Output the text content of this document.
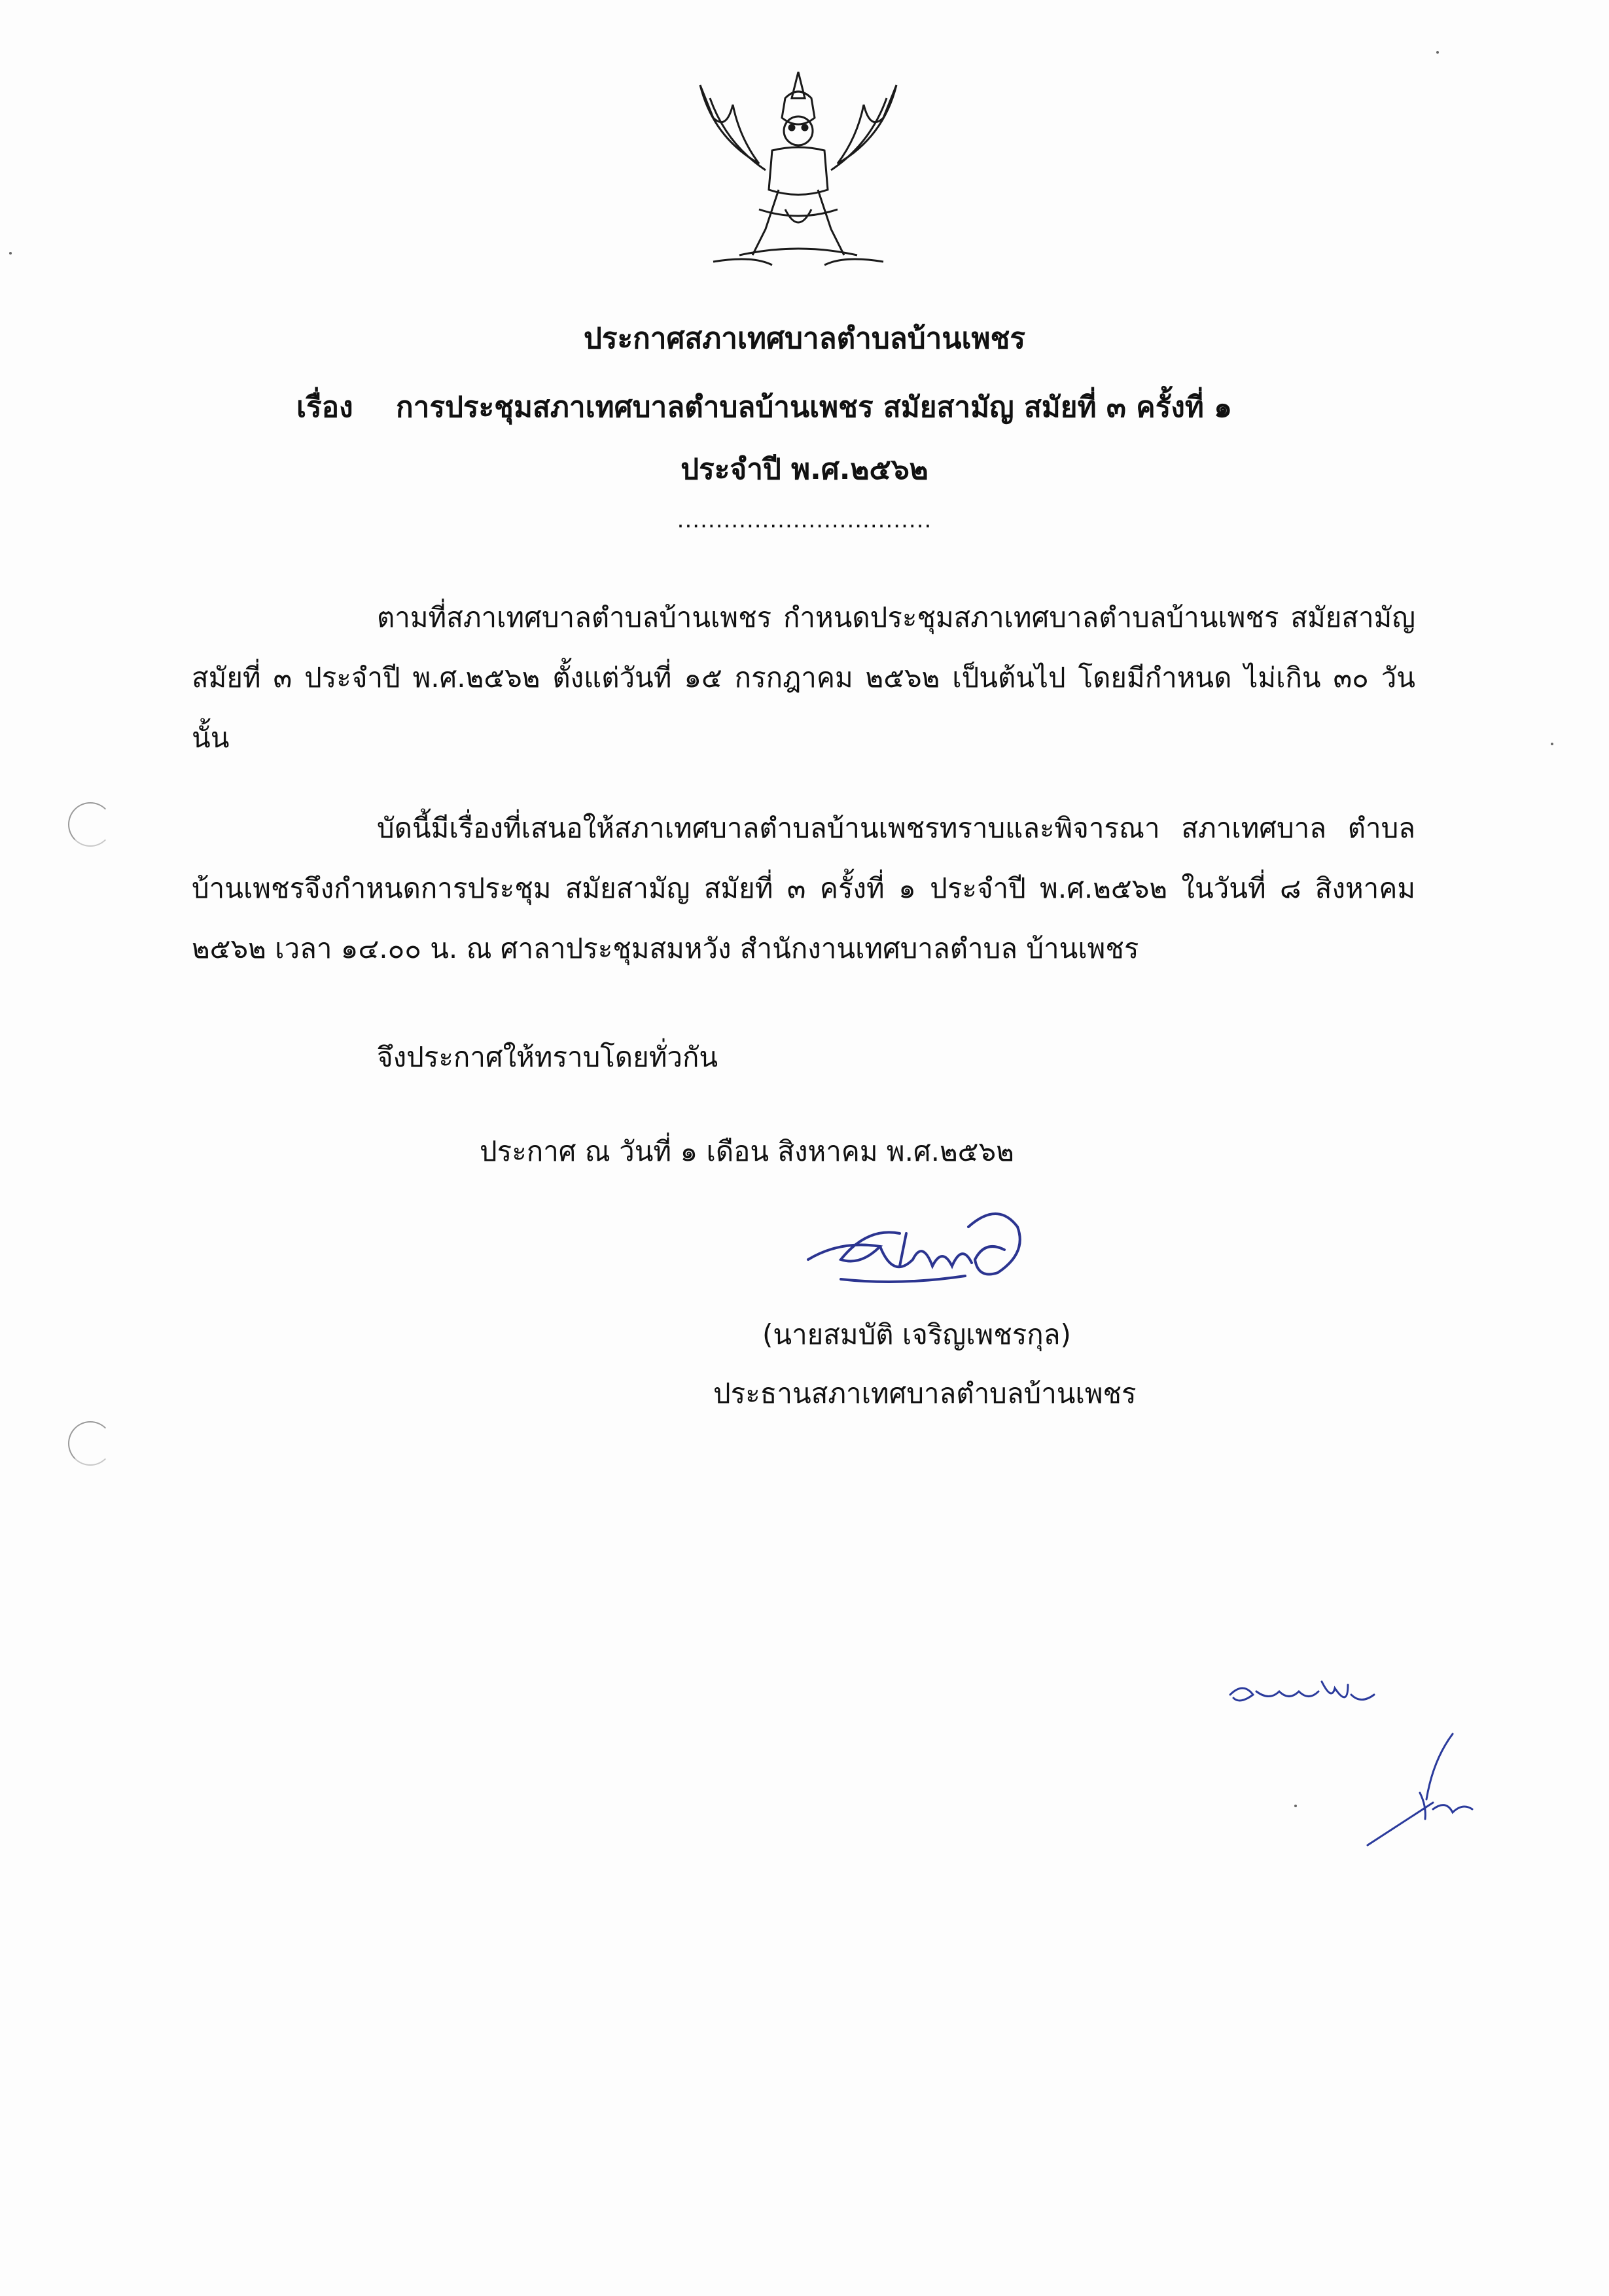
ประกาศสภาเทศบาลตำบลบ้านเพชร
เรื่อง การประชุมสภาเทศบาลตำบลบ้านเพชร สมัยสามัญ สมัยที่ ๓ ครั้งที่ ๑
ประจำปี พ.ศ.๒๕๖๒
.................................
ตามที่สภาเทศบาลตำบลบ้านเพชร กำหนดประชุมสภาเทศบาลตำบลบ้านเพชร สมัยสามัญ สมัยที่ ๓ ประจำปี พ.ศ.๒๕๖๒ ตั้งแต่วันที่ ๑๕ กรกฎาคม ๒๕๖๒ เป็นต้นไป โดยมีกำหนด ไม่เกิน ๓๐ วัน นั้น
บัดนี้มีเรื่องที่เสนอให้สภาเทศบาลตำบลบ้านเพชรทราบและพิจารณา สภาเทศบาล ตำบลบ้านเพชรจึงกำหนดการประชุม สมัยสามัญ สมัยที่ ๓ ครั้งที่ ๑ ประจำปี พ.ศ.๒๕๖๒ ในวันที่ ๘ สิงหาคม ๒๕๖๒ เวลา ๑๔.๐๐ น. ณ ศาลาประชุมสมหวัง สำนักงานเทศบาลตำบล บ้านเพชร
จึงประกาศให้ทราบโดยทั่วกัน
ประกาศ ณ วันที่ ๑ เดือน สิงหาคม พ.ศ.๒๕๖๒
(นายสมบัติ เจริญเพชรกุล)
ประธานสภาเทศบาลตำบลบ้านเพชร
